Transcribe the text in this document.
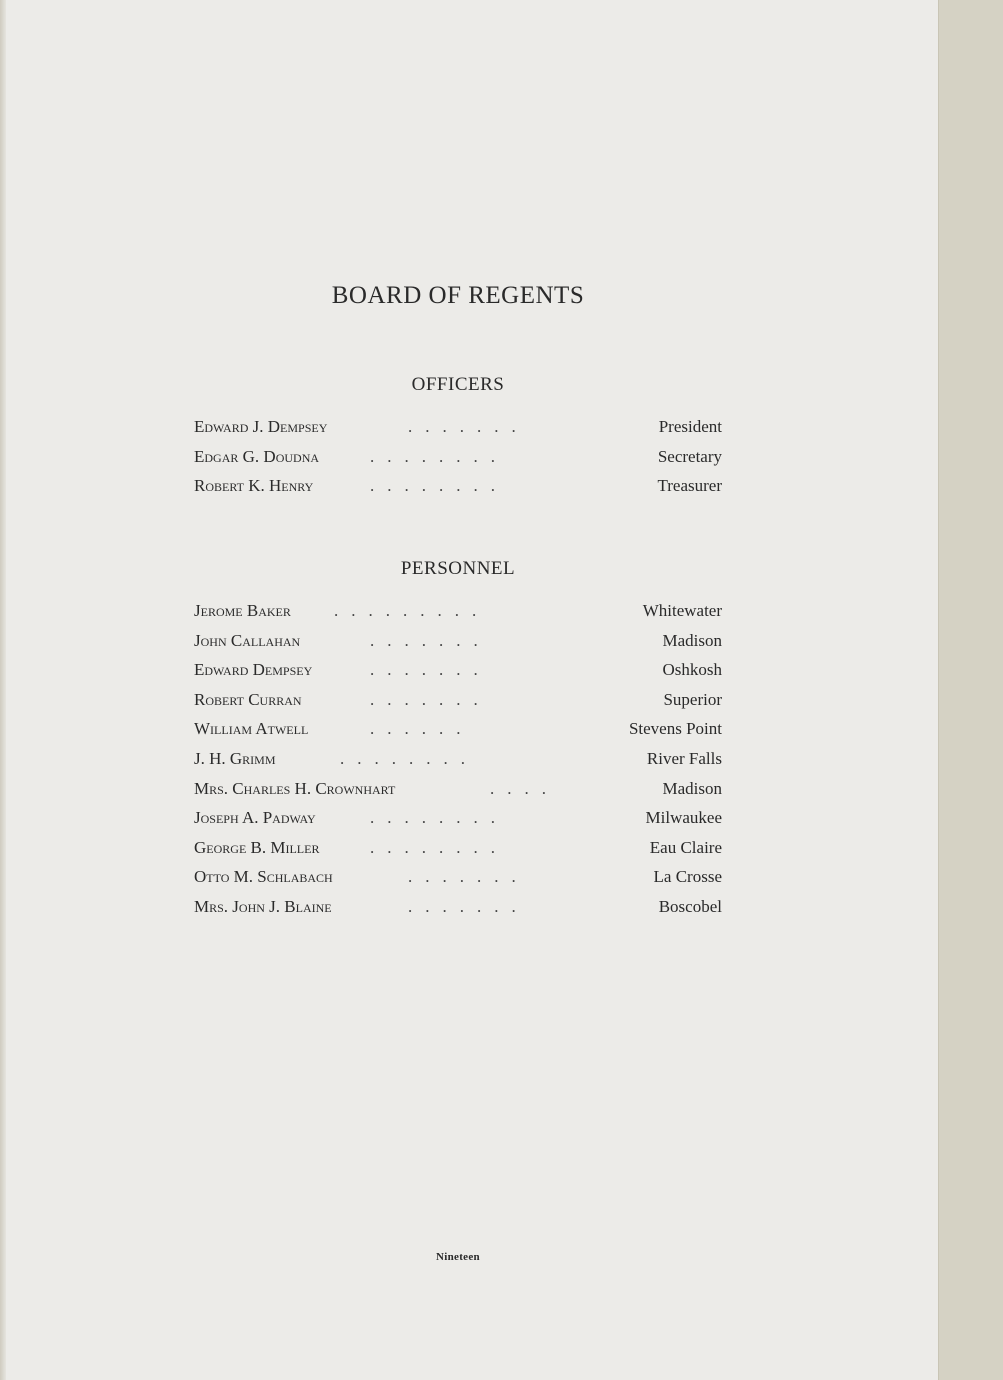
BOARD OF REGENTS
OFFICERS
Edward J. Dempsey	.......	President
Edgar G. Doudna	........	Secretary
Robert K. Henry	........	Treasurer
PERSONNEL
Jerome Baker	.........	Whitewater
John Callahan	.......	Madison
Edward Dempsey	.......	Oshkosh
Robert Curran	.......	Superior
William Atwell	......	Stevens Point
J. H. Grimm	........	River Falls
Mrs. Charles H. Crownhart	....	Madison
Joseph A. Padway	........	Milwaukee
George B. Miller	........	Eau Claire
Otto M. Schlabach	.......	La Crosse
Mrs. John J. Blaine	.......	Boscobel
Nineteen
